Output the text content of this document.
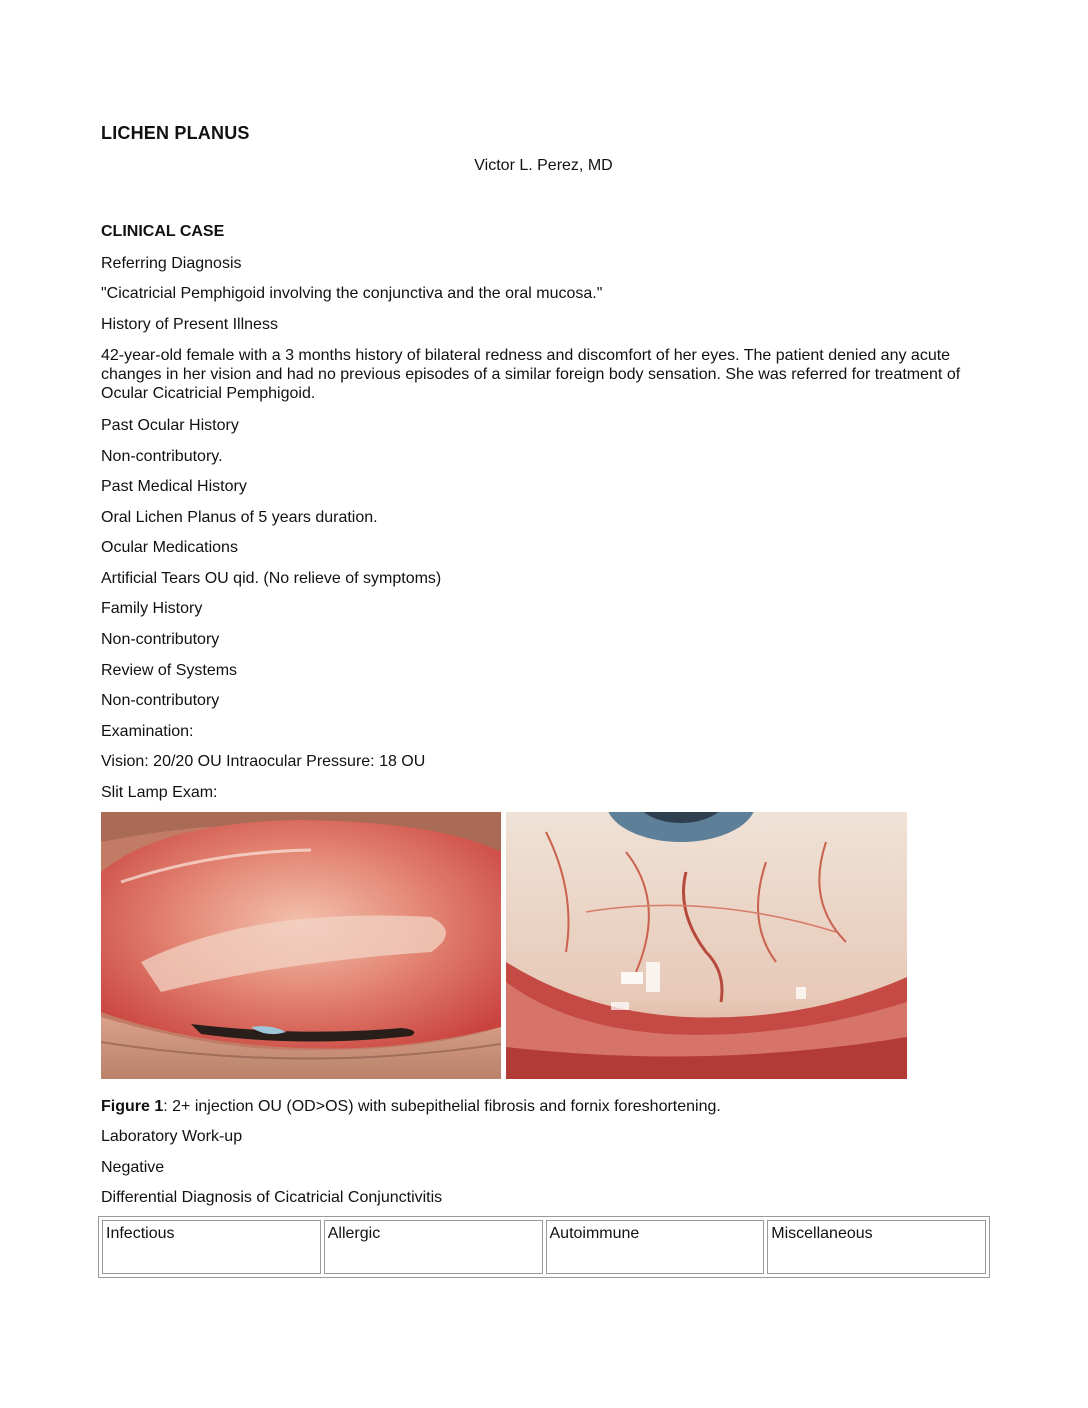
LICHEN PLANUS
Victor L. Perez, MD
CLINICAL CASE

Referring Diagnosis

"Cicatricial Pemphigoid involving the conjunctiva and the oral mucosa."

History of Present Illness

42-year-old female with a 3 months history of bilateral redness and discomfort of her eyes. The patient denied any acute changes in her vision and had no previous episodes of a similar foreign body sensation. She was referred for treatment of Ocular Cicatricial Pemphigoid.

Past Ocular History

Non-contributory.

Past Medical History

Oral Lichen Planus of 5 years duration.

Ocular Medications

Artificial Tears OU qid. (No relieve of symptoms)

Family History

Non-contributory

Review of Systems

Non-contributory

Examination:

Vision: 20/20 OU Intraocular Pressure: 18 OU

Slit Lamp Exam:

Figure 1: 2+ injection OU (OD>OS) with subepithelial fibrosis and fornix foreshortening.

Laboratory Work-up

Negative

Differential Diagnosis of Cicatricial Conjunctivitis

Infectious	Allergic	Autoimmune	Miscellaneous
